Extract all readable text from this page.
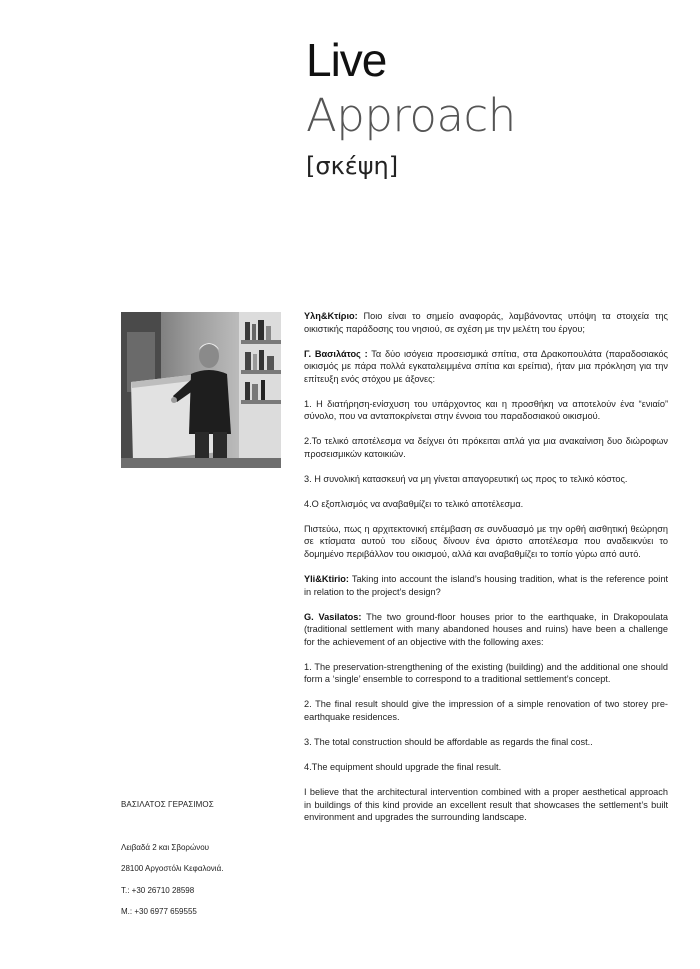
Live
Approach
[σκέψη]

Υλη&Κτίριο: Ποιο είναι το σημείο αναφοράς, λαμβάνοντας υπόψη τα στοιχεία της οικιστικής παράδοσης του νησιού, σε σχέση με την μελέτη του έργου;

Γ. Βασιλάτος : Τα δύο ισόγεια προσεισμικά σπίτια, στα Δρακοπουλάτα (παραδοσιακός οικισμός με πάρα πολλά εγκαταλειμμένα σπίτια και ερείπια), ήταν μια πρόκληση για την επίτευξη ενός στόχου με άξονες:

1. Η διατήρηση-ενίσχυση του υπάρχοντος και η προσθήκη να αποτελούν ένα “ενιαίο” σύνολο, που να ανταποκρίνεται στην έννοια του παραδοσιακού οικισμού.

2.Το τελικό αποτέλεσμα να δείχνει ότι πρόκειται απλά για μια ανακαίνιση δυο διώροφων προσεισμικών κατοικιών.

3. Η συνολική κατασκευή να μη γίνεται απαγορευτική ως προς το τελικό κόστος.

4.Ο εξοπλισμός να αναβαθμίζει το τελικό αποτέλεσμα.

Πιστεύω, πως η αρχιτεκτονική επέμβαση σε συνδυασμό με την ορθή αισθητική θεώρηση σε κτίσματα αυτού του είδους δίνουν ένα άριστο αποτέλεσμα που αναδεικνύει το δομημένο περιβάλλον του οικισμού, αλλά και αναβαθμίζει το τοπίο γύρω από αυτό.

Yli&Ktirio: Taking into account the island’s housing tradition, what is the reference point in relation to the project’s design?

G. Vasilatos: The two ground-floor houses prior to the earthquake, in Drakopoulata (traditional settlement with many abandoned houses and ruins) have been a challenge for the achievement of an objective with the following axes:

1. The preservation-strengthening of the existing (building) and the additional one should form a ‘single’ ensemble to correspond to a traditional settlement’s concept.

2. The final result should give the impression of a simple renovation of two storey pre-earthquake residences.

3. The total construction should be affordable as regards the final cost..

4.The equipment should upgrade the final result.

I believe that the architectural intervention combined with a proper aesthetical approach in buildings of this kind provide an excellent result that showcases the settlement’s built environment and upgrades the surrounding landscape.

ΒΑΣΙΛΑΤΟΣ ΓΕΡΑΣΙΜΟΣ
Λειβαδά 2 και Σβορώνου
28100 Αργοστόλι Κεφαλονιά.
Τ.: +30 26710 28598
Μ.: +30 6977 659555
